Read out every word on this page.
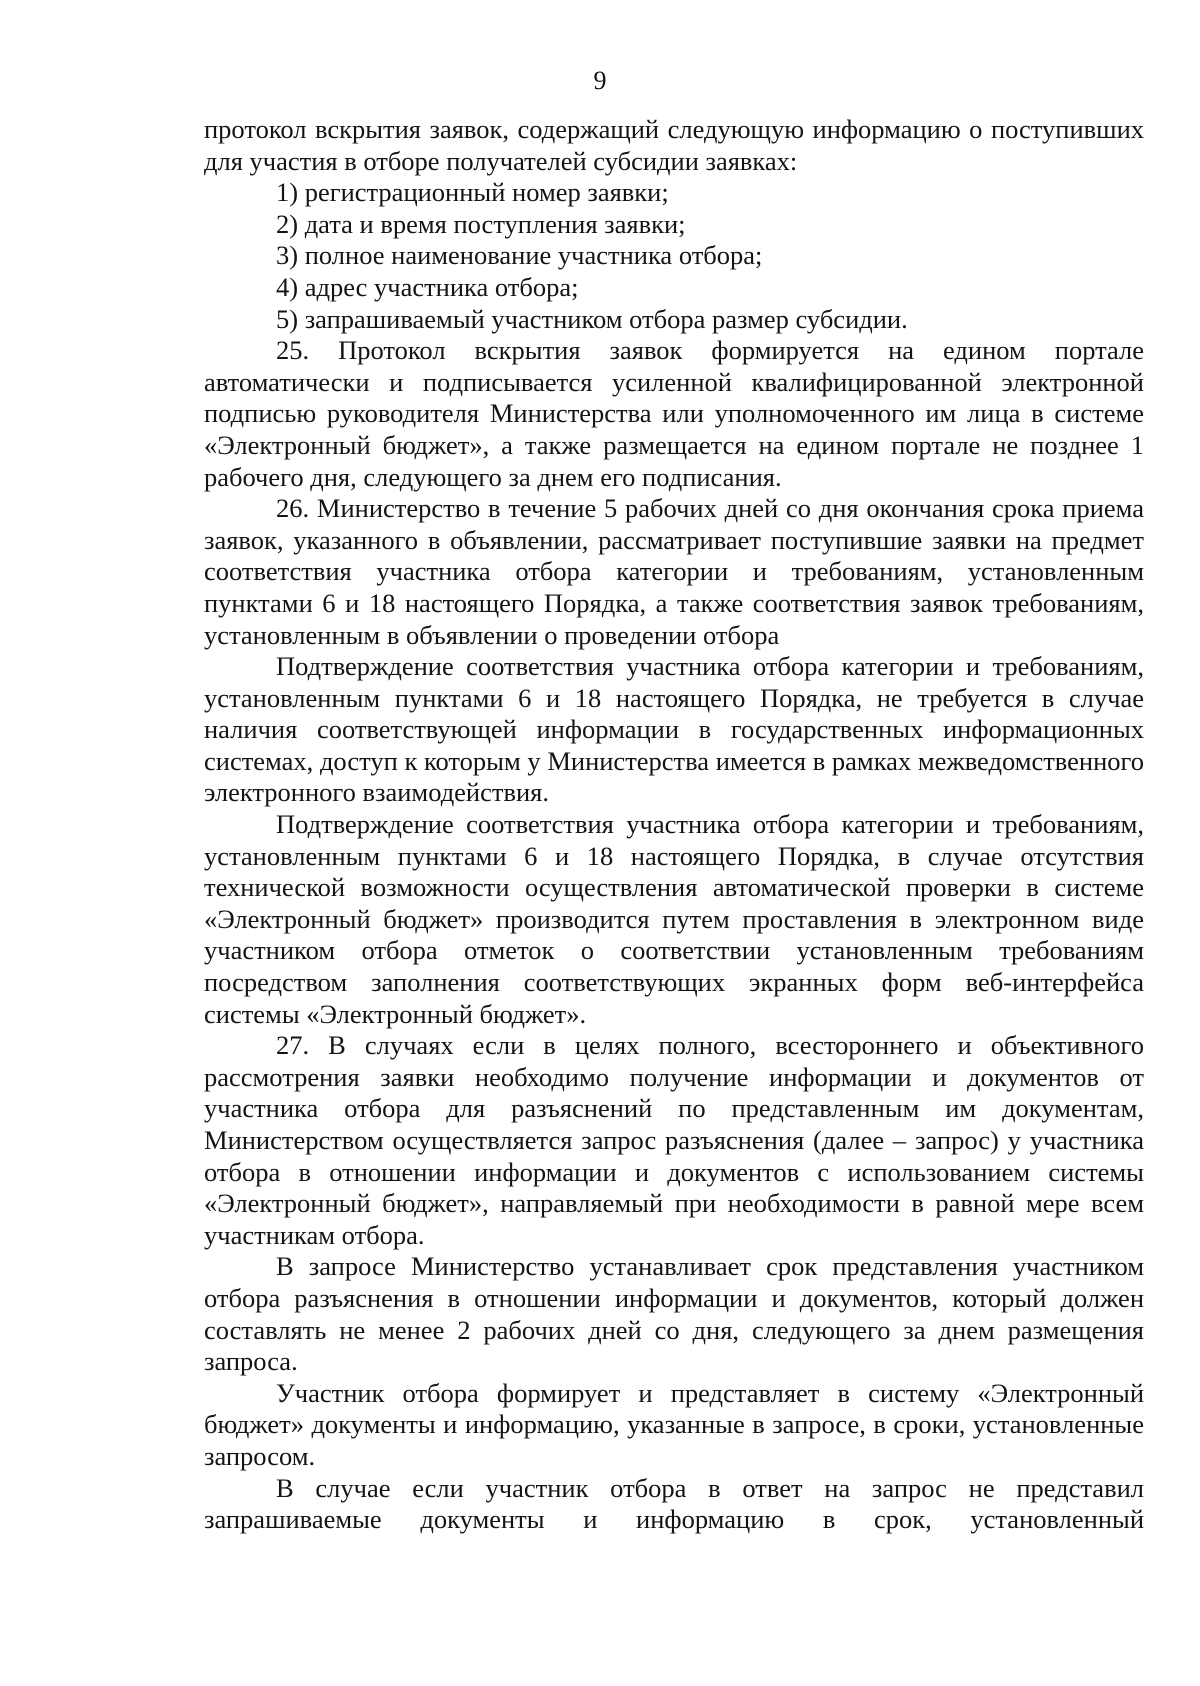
9

протокол вскрытия заявок, содержащий следующую информацию о поступивших для участия в отборе получателей субсидии заявках:

1) регистрационный номер заявки;

2) дата и время поступления заявки;

3) полное наименование участника отбора;

4) адрес участника отбора;

5) запрашиваемый участником отбора размер субсидии.

25. Протокол вскрытия заявок формируется на едином портале автоматически и подписывается усиленной квалифицированной электронной подписью руководителя Министерства или уполномоченного им лица в системе «Электронный бюджет», а также размещается на едином портале не позднее 1 рабочего дня, следующего за днем его подписания.

26. Министерство в течение 5 рабочих дней со дня окончания срока приема заявок, указанного в объявлении, рассматривает поступившие заявки на предмет соответствия участника отбора категории и требованиям, установленным пунктами 6 и 18 настоящего Порядка, а также соответствия заявок требованиям, установленным в объявлении о проведении отбора

Подтверждение соответствия участника отбора категории и требованиям, установленным пунктами 6 и 18 настоящего Порядка, не требуется в случае наличия соответствующей информации в государственных информационных системах, доступ к которым у Министерства имеется в рамках межведомственного электронного взаимодействия.

Подтверждение соответствия участника отбора категории и требованиям, установленным пунктами 6 и 18 настоящего Порядка, в случае отсутствия технической возможности осуществления автоматической проверки в системе «Электронный бюджет» производится путем проставления в электронном виде участником отбора отметок о соответствии установленным требованиям посредством заполнения соответствующих экранных форм веб-интерфейса системы «Электронный бюджет».

27. В случаях если в целях полного, всестороннего и объективного рассмотрения заявки необходимо получение информации и документов от участника отбора для разъяснений по представленным им документам, Министерством осуществляется запрос разъяснения (далее – запрос) у участника отбора в отношении информации и документов с использованием системы «Электронный бюджет», направляемый при необходимости в равной мере всем участникам отбора.

В запросе Министерство устанавливает срок представления участником отбора разъяснения в отношении информации и документов, который должен составлять не менее 2 рабочих дней со дня, следующего за днем размещения запроса.

Участник отбора формирует и представляет в систему «Электронный бюджет» документы и информацию, указанные в запросе, в сроки, установленные запросом.

В случае если участник отбора в ответ на запрос не представил запрашиваемые документы и информацию в срок, установленный
